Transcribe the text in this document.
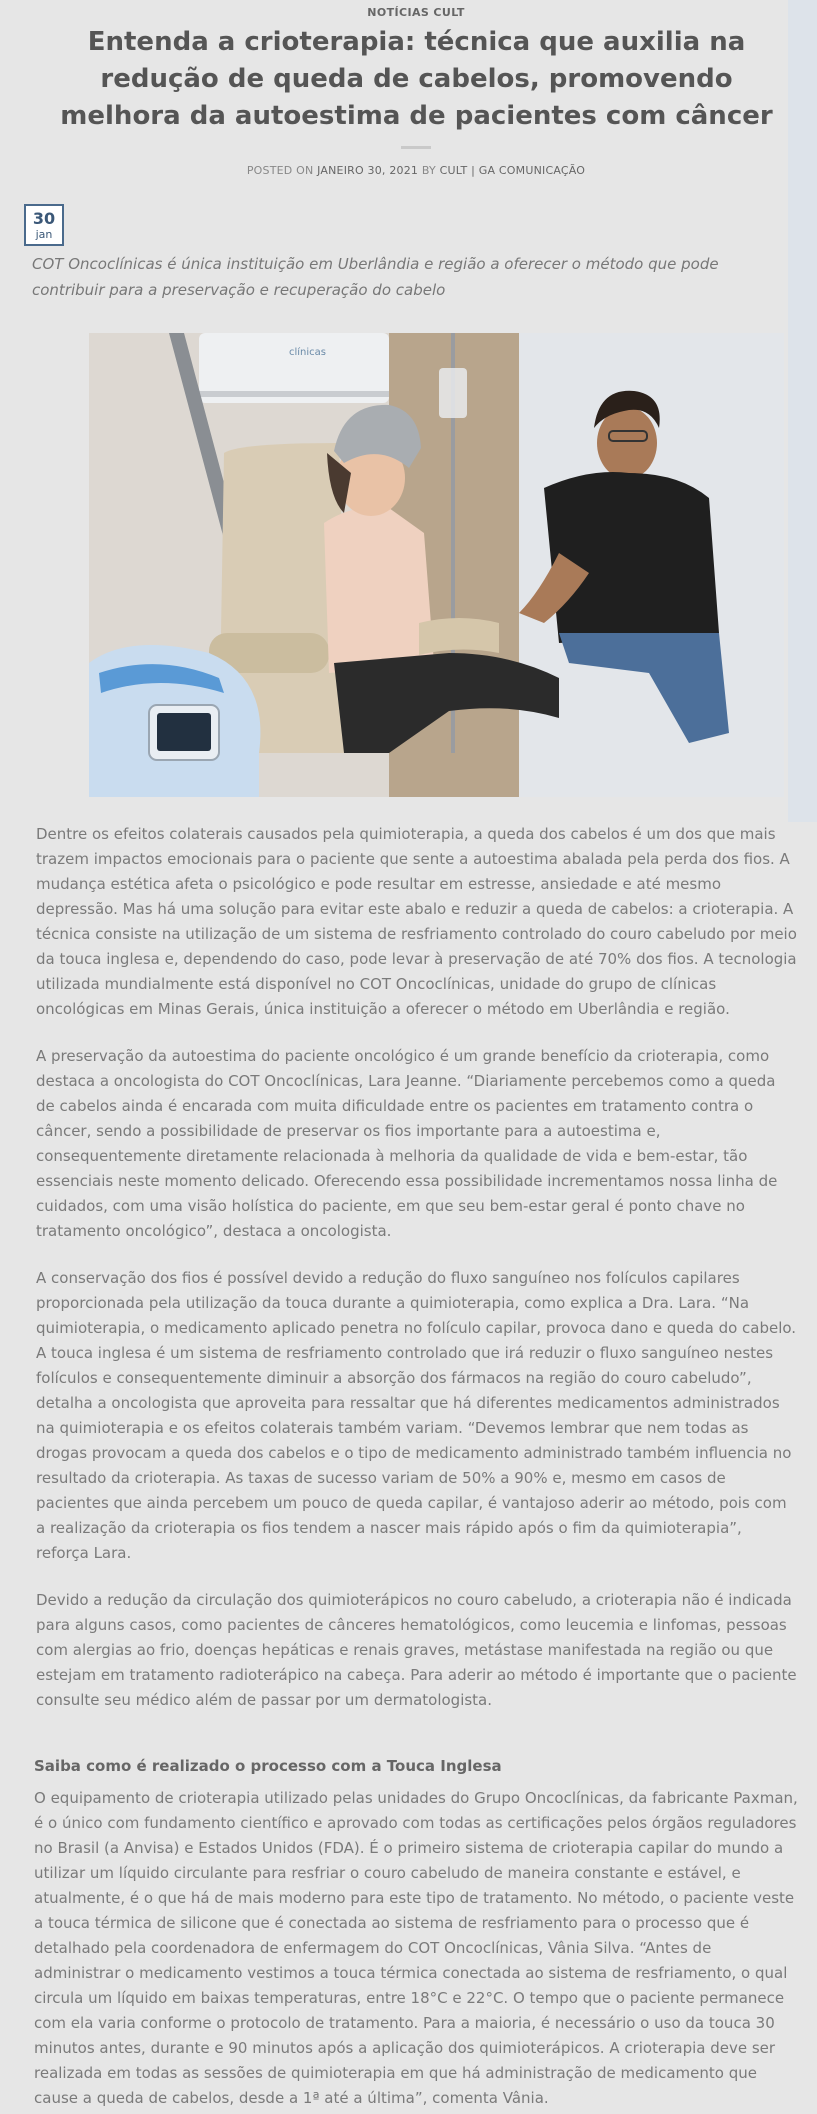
NOTÍCIAS CULT
Entenda a crioterapia: técnica que auxilia na redução de queda de cabelos, promovendo melhora da autoestima de pacientes com câncer
POSTED ON JANEIRO 30, 2021 BY CULT | GA COMUNICAÇÃO
30
jan

COT Oncoclínicas é única instituição em Uberlândia e região a oferecer o método que pode contribuir para a preservação e recuperação do cabelo

clínicas

Dentre os efeitos colaterais causados pela quimioterapia, a queda dos cabelos é um dos que mais trazem impactos emocionais para o paciente que sente a autoestima abalada pela perda dos fios. A mudança estética afeta o psicológico e pode resultar em estresse, ansiedade e até mesmo depressão. Mas há uma solução para evitar este abalo e reduzir a queda de cabelos: a crioterapia. A técnica consiste na utilização de um sistema de resfriamento controlado do couro cabeludo por meio da touca inglesa e, dependendo do caso, pode levar à preservação de até 70% dos fios. A tecnologia utilizada mundialmente está disponível no COT Oncoclínicas, unidade do grupo de clínicas oncológicas em Minas Gerais, única instituição a oferecer o método em Uberlândia e região.

A preservação da autoestima do paciente oncológico é um grande benefício da crioterapia, como destaca a oncologista do COT Oncoclínicas, Lara Jeanne. “Diariamente percebemos como a queda de cabelos ainda é encarada com muita dificuldade entre os pacientes em tratamento contra o câncer, sendo a possibilidade de preservar os fios importante para a autoestima e, consequentemente diretamente relacionada à melhoria da qualidade de vida e bem-estar, tão essenciais neste momento delicado. Oferecendo essa possibilidade incrementamos nossa linha de cuidados, com uma visão holística do paciente, em que seu bem-estar geral é ponto chave no tratamento oncológico”, destaca a oncologista.

A conservação dos fios é possível devido a redução do fluxo sanguíneo nos folículos capilares proporcionada pela utilização da touca durante a quimioterapia, como explica a Dra. Lara. “Na quimioterapia, o medicamento aplicado penetra no folículo capilar, provoca dano e queda do cabelo. A touca inglesa é um sistema de resfriamento controlado que irá reduzir o fluxo sanguíneo nestes folículos e consequentemente diminuir a absorção dos fármacos na região do couro cabeludo”, detalha a oncologista que aproveita para ressaltar que há diferentes medicamentos administrados na quimioterapia e os efeitos colaterais também variam. “Devemos lembrar que nem todas as drogas provocam a queda dos cabelos e o tipo de medicamento administrado também influencia no resultado da crioterapia. As taxas de sucesso variam de 50% a 90% e, mesmo em casos de pacientes que ainda percebem um pouco de queda capilar, é vantajoso aderir ao método, pois com a realização da crioterapia os fios tendem a nascer mais rápido após o fim da quimioterapia”, reforça Lara.

Devido a redução da circulação dos quimioterápicos no couro cabeludo, a crioterapia não é indicada para alguns casos, como pacientes de cânceres hematológicos, como leucemia e linfomas, pessoas com alergias ao frio, doenças hepáticas e renais graves, metástase manifestada na região ou que estejam em tratamento radioterápico na cabeça. Para aderir ao método é importante que o paciente consulte seu médico além de passar por um dermatologista.

Saiba como é realizado o processo com a Touca Inglesa

O equipamento de crioterapia utilizado pelas unidades do Grupo Oncoclínicas, da fabricante Paxman, é o único com fundamento científico e aprovado com todas as certificações pelos órgãos reguladores no Brasil (a Anvisa) e Estados Unidos (FDA). É o primeiro sistema de crioterapia capilar do mundo a utilizar um líquido circulante para resfriar o couro cabeludo de maneira constante e estável, e atualmente, é o que há de mais moderno para este tipo de tratamento. No método, o paciente veste a touca térmica de silicone que é conectada ao sistema de resfriamento para o processo que é detalhado pela coordenadora de enfermagem do COT Oncoclínicas, Vânia Silva. “Antes de administrar o medicamento vestimos a touca térmica conectada ao sistema de resfriamento, o qual circula um líquido em baixas temperaturas, entre 18°C e 22°C. O tempo que o paciente permanece com ela varia conforme o protocolo de tratamento. Para a maioria, é necessário o uso da touca 30 minutos antes, durante e 90 minutos após a aplicação dos quimioterápicos. A crioterapia deve ser realizada em todas as sessões de quimioterapia em que há administração de medicamento que cause a queda de cabelos, desde a 1ª até a última”, comenta Vânia.
